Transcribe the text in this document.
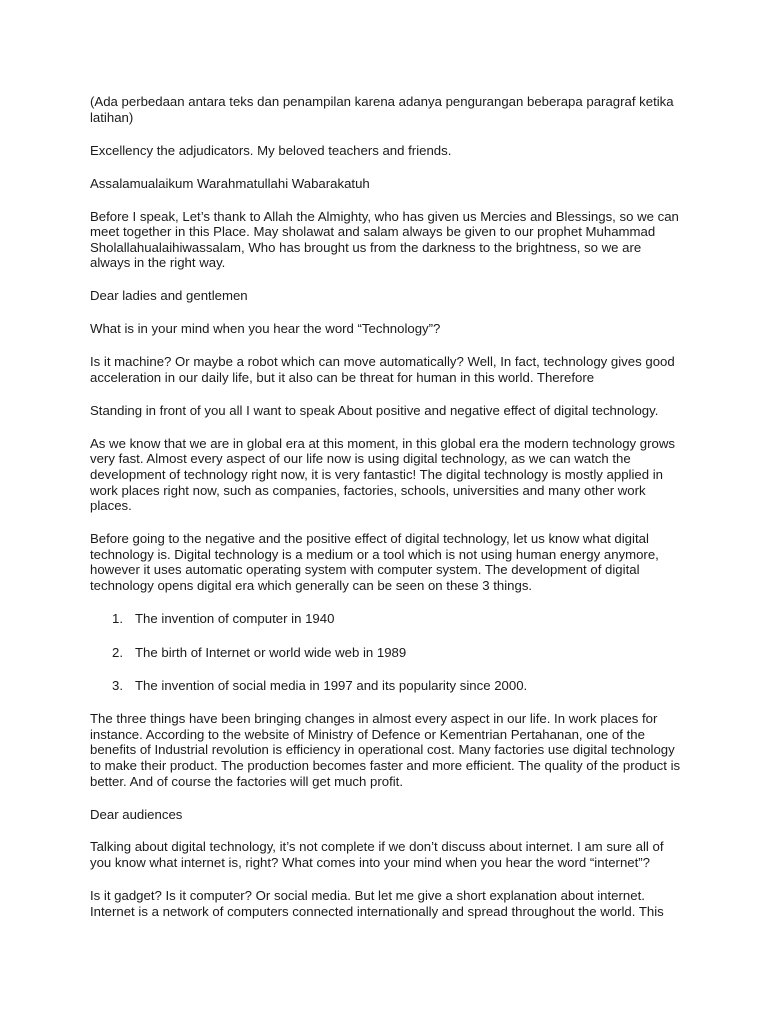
(Ada perbedaan antara teks dan penampilan karena adanya pengurangan beberapa paragraf ketika latihan)

Excellency the adjudicators. My beloved teachers and friends.

Assalamualaikum Warahmatullahi Wabarakatuh

Before I speak, Let’s thank to Allah the Almighty, who has given us Mercies and Blessings, so we can meet together in this Place. May sholawat and salam always be given to our prophet Muhammad Sholallahualaihiwassalam, Who has brought us from the darkness to the brightness, so we are always in the right way.

Dear ladies and gentlemen

What is in your mind when you hear the word “Technology”?

Is it machine? Or maybe a robot which can move automatically? Well, In fact, technology gives good acceleration in our daily life, but it also can be threat for human in this world. Therefore

Standing in front of you all I want to speak About positive and negative effect of digital technology.

As we know that we are in global era at this moment, in this global era the modern technology grows very fast. Almost every aspect of our life now is using digital technology, as we can watch the development of technology right now, it is very fantastic! The digital technology is mostly applied in work places right now, such as companies, factories, schools, universities and many other work places.

Before going to the negative and the positive effect of digital technology, let us know what digital technology is. Digital technology is a medium or a tool which is not using human energy anymore, however it uses automatic operating system with computer system. The development of digital technology opens digital era which generally can be seen on these 3 things.

1. The invention of computer in 1940
2. The birth of Internet or world wide web in 1989
3. The invention of social media in 1997 and its popularity since 2000.

The three things have been bringing changes in almost every aspect in our life. In work places for instance. According to the website of Ministry of Defence or Kementrian Pertahanan, one of the benefits of Industrial revolution is efficiency in operational cost. Many factories use digital technology to make their product. The production becomes faster and more efficient. The quality of the product is better. And of course the factories will get much profit.

Dear audiences

Talking about digital technology, it’s not complete if we don’t discuss about internet. I am sure all of you know what internet is, right? What comes into your mind when you hear the word “internet”?

Is it gadget? Is it computer? Or social media. But let me give a short explanation about internet. Internet is a network of computers connected internationally and spread throughout the world. This
